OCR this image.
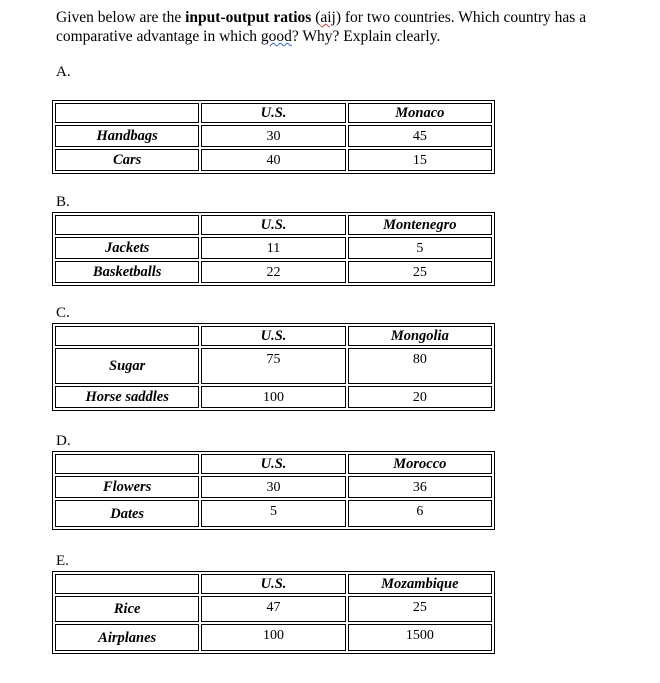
Given below are the input-output ratios (aij) for two countries. Which country has a comparative advantage in which good? Why? Explain clearly.
A.
	U.S.	Monaco
Handbags	30	45
Cars	40	15
B.
	U.S.	Montenegro
Jackets	11	5
Basketballs	22	25
C.
	U.S.	Mongolia
Sugar	75	80
Horse saddles	100	20
D.
	U.S.	Morocco
Flowers	30	36
Dates	5	6
E.
	U.S.	Mozambique
Rice	47	25
Airplanes	100	1500
